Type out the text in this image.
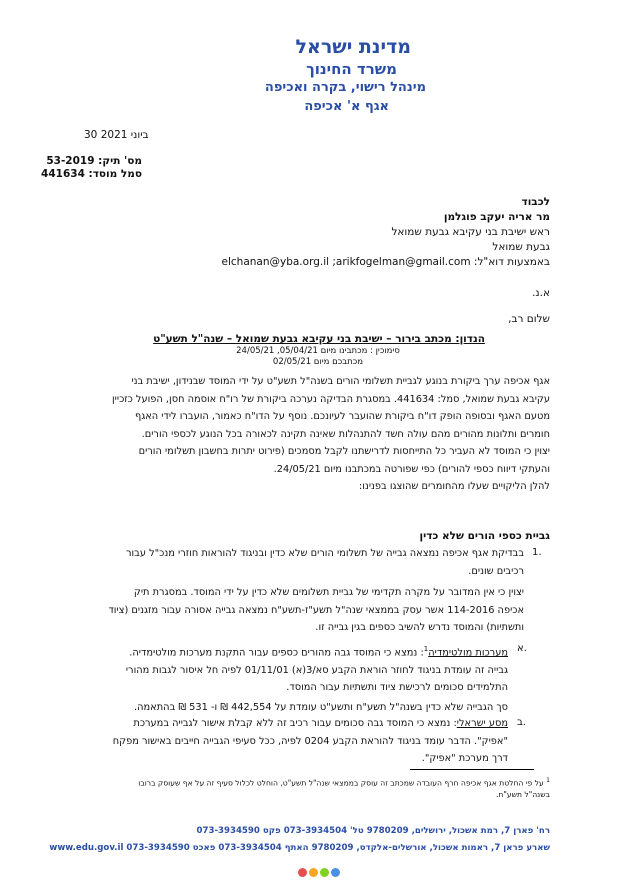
מדינת ישראל
משרד החינוך
מינהל רישוי, בקרה ואכיפה
אגף א' אכיפה
30 ביוני 2021
מס' תיק: 53-2019
סמל מוסד: 441634

לכבוד

מר אריה יעקב פוגלמן

ראש ישיבת בני עקיבא גבעת שמואל

גבעת שמואל

באמצעות דוא"ל: elchanan@yba.org.il ;arikfogelman@gmail.com

א.נ.
שלום רב,
הנדון: מכתב בירור – ישיבת בני עקיבא גבעת שמואל – שנה"ל תשע"ט
סימוכין : מכתבינו מיום 05/04/21, 24/05/21
מכתבכם מיום 02/05/21

אגף אכיפה ערך ביקורת בנוגע לגביית תשלומי הורים בשנה"ל תשע"ט על ידי המוסד שבנידון, ישיבת בני

עקיבא גבעת שמואל, סמל: 441634. במסגרת הבדיקה נערכה ביקורת של רו"ח אוסמה חסן, הפועל כזכיין

מטעם האגף ובסופה הופק דו"ח ביקורת שהועבר לעיונכם. נוסף על הדו"ח כאמור, הועברו לידי האגף

חומרים ותלונות מהורים מהם עולה חשד להתנהלות שאינה תקינה לכאורה בכל הנוגע לכספי הורים.

יצוין כי המוסד לא העביר כל התייחסות לדרישתנו לקבל מסמכים (פירוט יתרות בחשבון תשלומי הורים

והעתקי דיווח כספי להורים) כפי שפורטה במכתבנו מיום 24/05/21.

להלן הליקויים שעלו מהחומרים שהוצגו בפנינו:

גביית כספי הורים שלא כדין
1.

בבדיקת אגף אכיפה נמצאה גבייה של תשלומי הורים שלא כדין ובניגוד להוראות חוזרי מנכ"ל עבור

רכיבים שונים.

יצוין כי אין המדובר על מקרה תקדימי של גביית תשלומים שלא כדין על ידי המוסד. במסגרת תיק

אכיפה 114-2016 אשר עסק בממצאי שנה"ל תשע"ז-תשע"ח נמצאה גבייה אסורה עבור מזגנים (ציוד

ותשתיות) והמוסד נדרש להשיב כספים בגין גבייה זו.

א.

מערכות מולטימדיה$^1$: נמצא כי המוסד גבה מהורים כספים עבור התקנת מערכות מולטימדיה.

גבייה זה עומדת בניגוד לחוזר הוראת הקבע סא/3(א) 01/11/01 לפיה חל איסור לגבות מהורי

התלמידים סכומים לרכישת ציוד ותשתיות עבור המוסד.

סך הגבייה שלא כדין בשנה"ל תשע"ח ותשע"ט עומדת על 442,554 ₪ ו- 531 ₪ בהתאמה.

ב.

מסע ישראלי: נמצא כי המוסד גבה סכומים עבור רכיב זה ללא קבלת אישור לגבייה במערכת

"אפיק". הדבר עומד בניגוד להוראת הקבע 0204 לפיה, ככל סעיפי הגבייה חייבים באישור מפקח

דרך מערכת "אפיק".

$^1$ על פי החלטת אגף אכיפה חרף העובדה שמכתב זה עוסק בממצאי שנה"ל תשע"ט, הוחלט לכלול סעיף זה על אף שעוסק ברובו

בשנה"ל תשע"ח.

רח' פארן 7, רמת אשכול, ירושלים, 9780209 טל' 073-3934504 פקס 073-3934590
שארע פראן 7, ראמות אשכול, אורשלים-אלקדס, 9780209 האתף 073-3934504 פאכס 073-3934590 www.edu.gov.il
